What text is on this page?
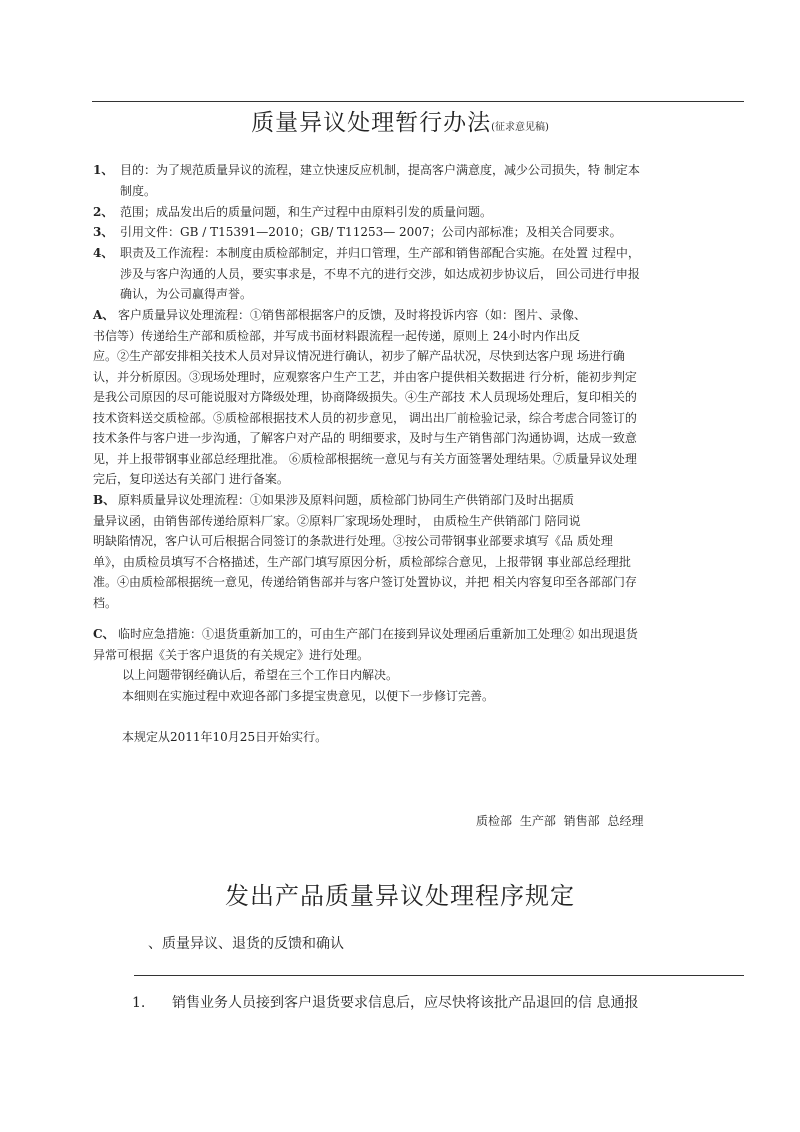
质量异议处理暂行办法(征求意见稿)
1、 目的：为了规范质量异议的流程，建立快速反应机制，提高客户满意度，减少公司损失，特 制定本
制度。
2、 范围；成品发出后的质量问题，和生产过程中由原料引发的质量问题。
3、 引用文件：GB / T15391—2010；GB/ T11253— 2007；公司内部标准；及相关合同要求。
4、 职责及工作流程：本制度由质检部制定，并归口管理，生产部和销售部配合实施。在处置 过程中，
涉及与客户沟通的人员，要实事求是，不卑不亢的进行交涉，如达成初步协议后， 回公司进行申报
确认，为公司赢得声誉。
A、 客户质量异议处理流程：①销售部根据客户的反馈，及时将投诉内容（如：图片、录像、
书信等）传递给生产部和质检部，并写成书面材料跟流程一起传递，原则上 24小时内作出反
应。②生产部安排相关技术人员对异议情况进行确认，初步了解产品状况，尽快到达客户现 场进行确
认，并分析原因。③现场处理时，应观察客户生产工艺，并由客户提供相关数据进 行分析，能初步判定
是我公司原因的尽可能说服对方降级处理，协商降级损失。④生产部技 术人员现场处理后，复印相关的
技术资料送交质检部。⑤质检部根据技术人员的初步意见， 调出出厂前检验记录，综合考虑合同签订的
技术条件与客户进一步沟通，了解客户对产品的 明细要求，及时与生产销售部门沟通协调，达成一致意
见，并上报带钢事业部总经理批准。 ⑥质检部根据统一意见与有关方面签署处理结果。⑦质量异议处理
完后，复印送达有关部门 进行备案。
B、 原料质量异议处理流程：①如果涉及原料问题，质检部门协同生产供销部门及时出据质
量异议函，由销售部传递给原料厂家。②原料厂家现场处理时， 由质检生产供销部门 陪同说
明缺陷情况，客户认可后根据合同签订的条款进行处理。③按公司带钢事业部要求填写《品 质处理
单》，由质检员填写不合格描述，生产部门填写原因分析，质检部综合意见，上报带钢 事业部总经理批
准。④由质检部根据统一意见，传递给销售部并与客户签订处置协议，并把 相关内容复印至各部部门存
档。
C、 临时应急措施：①退货重新加工的，可由生产部门在接到异议处理函后重新加工处理② 如出现退货
异常可根据《关于客户退货的有关规定》进行处理。
以上问题带钢经确认后，希望在三个工作日内解决。
本细则在实施过程中欢迎各部门多提宝贵意见，以便下一步修订完善。
本规定从2011年10月25日开始实行。
质检部 生产部 销售部 总经理
发出产品质量异议处理程序规定
、质量异议、退货的反馈和确认
1. 销售业务人员接到客户退货要求信息后，应尽快将该批产品退回的信 息通报
